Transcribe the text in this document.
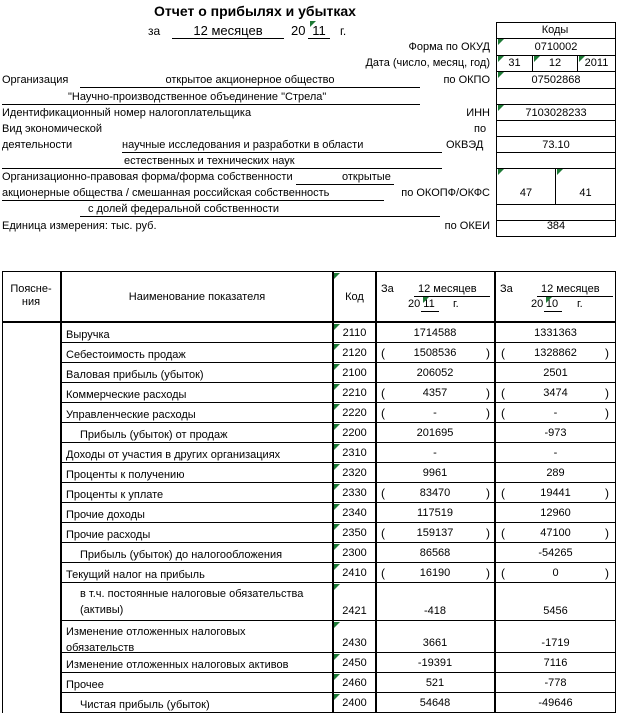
Отчет о прибылях и убытках
за	12 месяцев	20 11	г.	Коды
Форма по ОКУД	0710002
Дата (число, месяц, год)	31	12	2011
Организация	открытое акционерное общество
"Научно-производственное объединение "Стрела"
по ОКПО	07502868
Идентификационный номер налогоплательщика	ИНН	7103028233
Вид экономической
деятельности	научные исследования и разработки в области
естественных и технических наук
по
ОКВЭД	73.10
Организационно-правовая форма/форма собственности	открытые
акционерные общества / смешанная российская собственность
с долей федеральной собственности
по ОКОПФ/ОКФС	47	41
Единица измерения: тыс. руб.	по ОКЕИ	384
Поясне-
ния	Наименование показателя	Код
За 12 месяцев
20 11 г.
За	12 месяцев
20 10 г.
Выручка	2110	1714588	1331363
Себестоимость продаж	2120	1508536	1328862
(	) (	)
Валовая прибыль (убыток)	2100	206052	2501
Коммерческие расходы	2210	4357	3474
(	) (	)
Управленческие расходы	2220	-	-
(	) (	)
Прибыль (убыток) от продаж	2200	201695	-973
Доходы от участия в других организациях	2310	-	-
Проценты к получению	2320	9961	289
Проценты к уплате	2330	83470	19441
(	) (	)
Прочие доходы	2340	117519	12960
Прочие расходы	2350	159137	47100
(	) (	)
Прибыль (убыток) до налогообложения	2300	86568	-54265
Текущий налог на прибыль	2410	16190	0
(	) (	)
в т.ч. постоянные налоговые обязательства
(активы)	2421	-418	5456
Изменение отложенных налоговых
обязательств	2430	3661	-1719
Изменение отложенных налоговых активов	2450	-19391	7116
Прочее	2460	521	-778
Чистая прибыль (убыток)	2400	54648	-49646
